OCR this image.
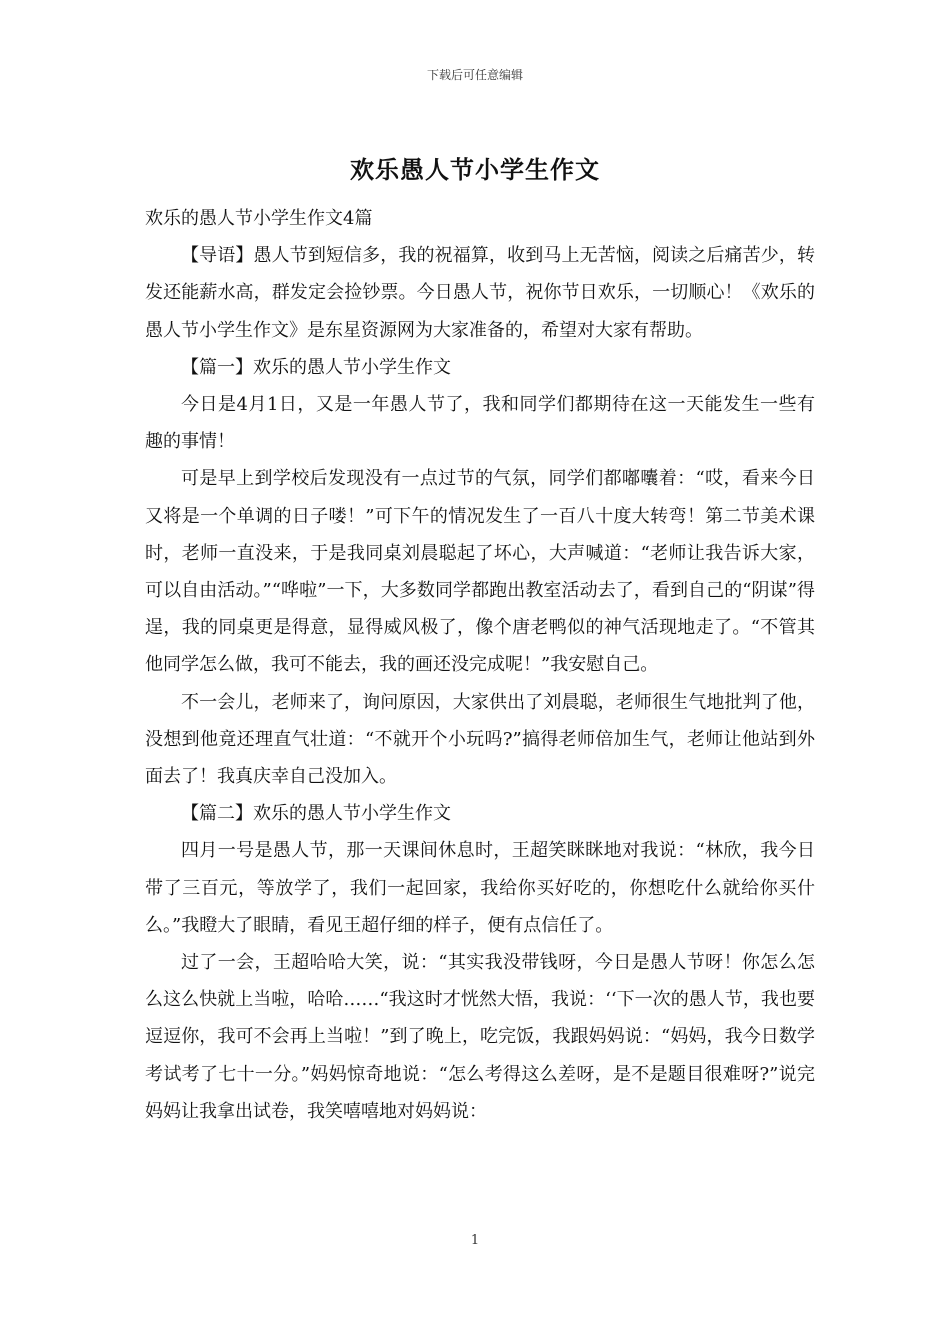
下载后可任意编辑
欢乐愚人节小学生作文

欢乐的愚人节小学生作文4篇

【导语】愚人节到短信多，我的祝福算，收到马上无苦恼，阅读之后痛苦少，转发还能薪水高，群发定会捡钞票。今日愚人节，祝你节日欢乐，一切顺心！《欢乐的愚人节小学生作文》是东星资源网为大家准备的，希望对大家有帮助。

【篇一】欢乐的愚人节小学生作文

今日是4月1日，又是一年愚人节了，我和同学们都期待在这一天能发生一些有趣的事情！

可是早上到学校后发现没有一点过节的气氛，同学们都嘟囔着：“哎，看来今日又将是一个单调的日子喽！”可下午的情况发生了一百八十度大转弯！第二节美术课时，老师一直没来，于是我同桌刘晨聪起了坏心，大声喊道：“老师让我告诉大家，可以自由活动。”“哗啦”一下，大多数同学都跑出教室活动去了，看到自己的“阴谋”得逞，我的同桌更是得意，显得威风极了，像个唐老鸭似的神气活现地走了。“不管其他同学怎么做，我可不能去，我的画还没完成呢！”我安慰自己。

不一会儿，老师来了，询问原因，大家供出了刘晨聪，老师很生气地批判了他，没想到他竟还理直气壮道：“不就开个小玩吗?”搞得老师倍加生气，老师让他站到外面去了！我真庆幸自己没加入。

【篇二】欢乐的愚人节小学生作文

四月一号是愚人节，那一天课间休息时，王超笑眯眯地对我说：“林欣，我今日带了三百元，等放学了，我们一起回家，我给你买好吃的，你想吃什么就给你买什么。”我瞪大了眼睛，看见王超仔细的样子，便有点信任了。

过了一会，王超哈哈大笑，说：“其实我没带钱呀，今日是愚人节呀！你怎么怎么这么快就上当啦，哈哈……“我这时才恍然大悟，我说：‘‘下一次的愚人节，我也要逗逗你，我可不会再上当啦！”到了晚上，吃完饭，我跟妈妈说：“妈妈，我今日数学考试考了七十一分。”妈妈惊奇地说：“怎么考得这么差呀，是不是题目很难呀?”说完妈妈让我拿出试卷，我笑嘻嘻地对妈妈说：

1
